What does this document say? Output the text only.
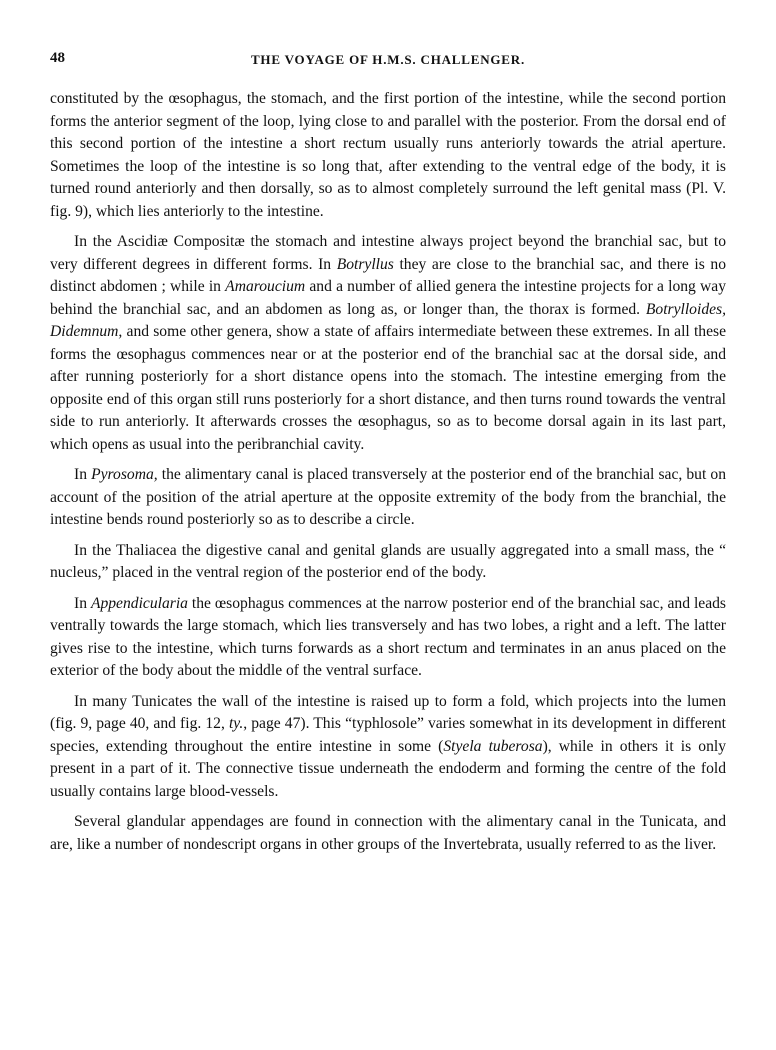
48	THE VOYAGE OF H.M.S. CHALLENGER.

constituted by the œsophagus, the stomach, and the first portion of the intestine, while the second portion forms the anterior segment of the loop, lying close to and parallel with the posterior. From the dorsal end of this second portion of the intestine a short rectum usually runs anteriorly towards the atrial aperture. Sometimes the loop of the intestine is so long that, after extending to the ventral edge of the body, it is turned round anteriorly and then dorsally, so as to almost completely surround the left genital mass (Pl. V. fig. 9), which lies anteriorly to the intestine.

In the Ascidiæ Compositæ the stomach and intestine always project beyond the branchial sac, but to very different degrees in different forms. In Botryllus they are close to the branchial sac, and there is no distinct abdomen ; while in Amaroucium and a number of allied genera the intestine projects for a long way behind the branchial sac, and an abdomen as long as, or longer than, the thorax is formed. Botrylloides, Didemnum, and some other genera, show a state of affairs intermediate between these extremes. In all these forms the œsophagus commences near or at the posterior end of the branchial sac at the dorsal side, and after running posteriorly for a short distance opens into the stomach. The intestine emerging from the opposite end of this organ still runs posteriorly for a short distance, and then turns round towards the ventral side to run anteriorly. It afterwards crosses the œsophagus, so as to become dorsal again in its last part, which opens as usual into the peribranchial cavity.

In Pyrosoma, the alimentary canal is placed transversely at the posterior end of the branchial sac, but on account of the position of the atrial aperture at the opposite extremity of the body from the branchial, the intestine bends round posteriorly so as to describe a circle.

In the Thaliacea the digestive canal and genital glands are usually aggregated into a small mass, the “ nucleus,” placed in the ventral region of the posterior end of the body.

In Appendicularia the œsophagus commences at the narrow posterior end of the branchial sac, and leads ventrally towards the large stomach, which lies transversely and has two lobes, a right and a left. The latter gives rise to the intestine, which turns forwards as a short rectum and terminates in an anus placed on the exterior of the body about the middle of the ventral surface.

In many Tunicates the wall of the intestine is raised up to form a fold, which projects into the lumen (fig. 9, page 40, and fig. 12, ty., page 47). This “typhlosole” varies somewhat in its development in different species, extending throughout the entire intestine in some (Styela tuberosa), while in others it is only present in a part of it. The connective tissue underneath the endoderm and forming the centre of the fold usually contains large blood-vessels.

Several glandular appendages are found in connection with the alimentary canal in the Tunicata, and are, like a number of nondescript organs in other groups of the Invertebrata, usually referred to as the liver.
